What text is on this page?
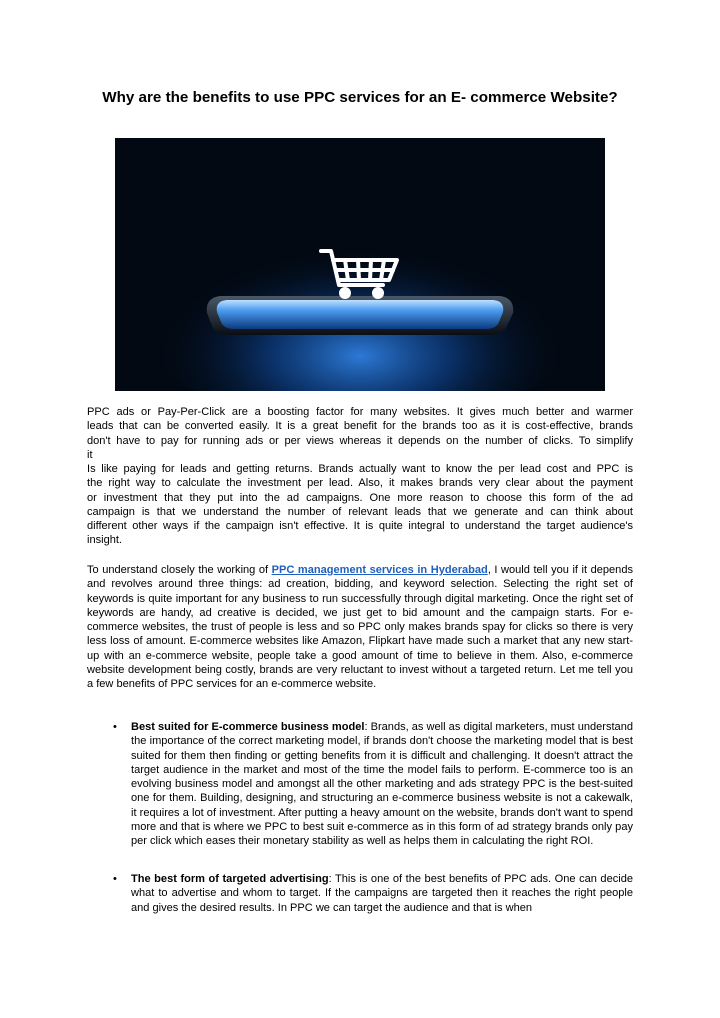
Why are the benefits to use PPC services for an E- commerce Website?

PPC ads or Pay-Per-Click are a boosting factor for many websites. It gives much better and warmer
leads that can be converted easily. It is a great benefit for the brands too as it is cost-effective, brands
don't have to pay for running ads or per views whereas it depends on the number of clicks. To simplify
it
Is like paying for leads and getting returns. Brands actually want to know the per lead cost and PPC is
the right way to calculate the investment per lead. Also, it makes brands very clear about the payment
or investment that they put into the ad campaigns. One more reason to choose this form of the ad
campaign is that we understand the number of relevant leads that we generate and can think about
different other ways if the campaign isn't effective. It is quite integral to understand the target audience's
insight.

To understand closely the working of PPC management services in Hyderabad, I would tell you if it depends and revolves around three things: ad creation, bidding, and keyword selection. Selecting the right set of keywords is quite important for any business to run successfully through digital marketing. Once the right set of keywords are handy, ad creative is decided, we just get to bid amount and the campaign starts. For e-commerce websites, the trust of people is less and so PPC only makes brands spay for clicks so there is very less loss of amount. E-commerce websites like Amazon, Flipkart have made such a market that any new start-up with an e-commerce website, people take a good amount of time to believe in them. Also, e-commerce website development being costly, brands are very reluctant to invest without a targeted return. Let me tell you a few benefits of PPC services for an e-commerce website.

• Best suited for E-commerce business model: Brands, as well as digital marketers, must understand the importance of the correct marketing model, if brands don't choose the marketing model that is best suited for them then finding or getting benefits from it is difficult and challenging. It doesn't attract the target audience in the market and most of the time the model fails to perform. E-commerce too is an evolving business model and amongst all the other marketing and ads strategy PPC is the best-suited one for them. Building, designing, and structuring an e-commerce business website is not a cakewalk, it requires a lot of investment. After putting a heavy amount on the website, brands don't want to spend more and that is where we PPC to best suit e-commerce as in this form of ad strategy brands only pay per click which eases their monetary stability as well as helps them in calculating the right ROI.

• The best form of targeted advertising: This is one of the best benefits of PPC ads. One can decide what to advertise and whom to target. If the campaigns are targeted then it reaches the right people and gives the desired results. In PPC we can target the audience and that is when
